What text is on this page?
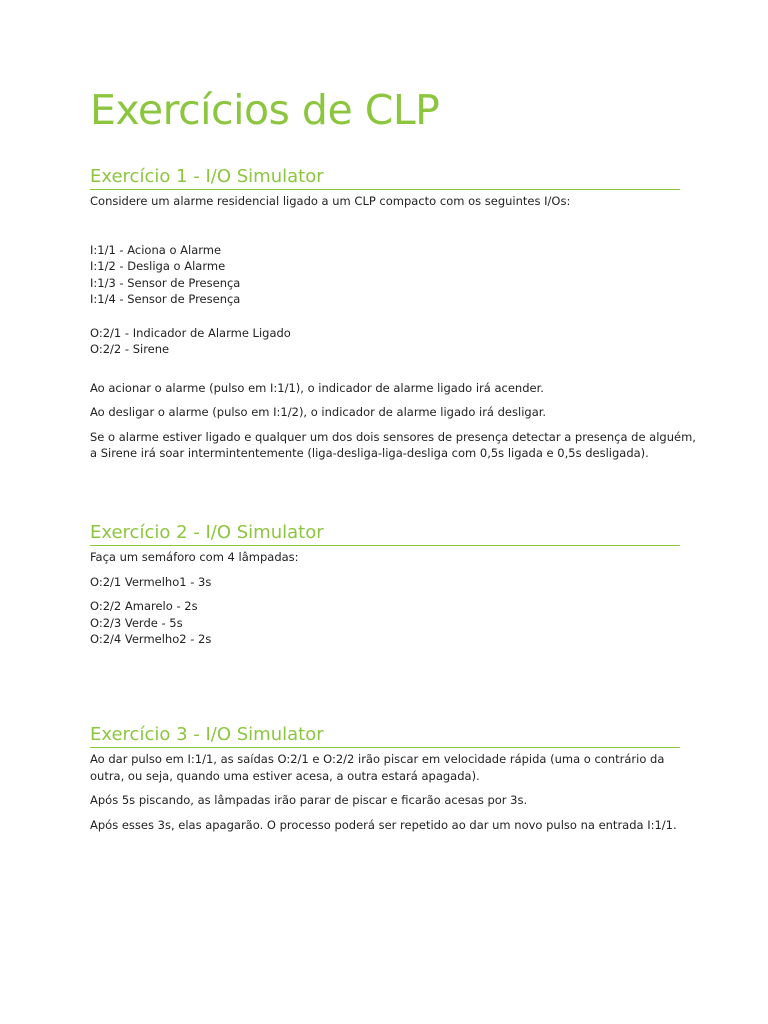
Exercícios de CLP
Exercício 1 - I/O Simulator

Considere um alarme residencial ligado a um CLP compacto com os seguintes I/Os:

I:1/1 - Aciona o Alarme

I:1/2 - Desliga o Alarme

I:1/3 - Sensor de Presença

I:1/4 - Sensor de Presença

O:2/1 - Indicador de Alarme Ligado

O:2/2 - Sirene

Ao acionar o alarme (pulso em I:1/1), o indicador de alarme ligado irá acender.

Ao desligar o alarme (pulso em I:1/2), o indicador de alarme ligado irá desligar.

Se o alarme estiver ligado e qualquer um dos dois sensores de presença detectar a presença de alguém,

a Sirene irá soar intermintentemente (liga-desliga-liga-desliga com 0,5s ligada e 0,5s desligada).

Exercício 2 - I/O Simulator

Faça um semáforo com 4 lâmpadas:

O:2/1 Vermelho1 - 3s

O:2/2 Amarelo - 2s

O:2/3 Verde - 5s

O:2/4 Vermelho2 - 2s

Exercício 3 - I/O Simulator

Ao dar pulso em I:1/1, as saídas O:2/1 e O:2/2 irão piscar em velocidade rápida (uma o contrário da

outra, ou seja, quando uma estiver acesa, a outra estará apagada).

Após 5s piscando, as lâmpadas irão parar de piscar e ficarão acesas por 3s.

Após esses 3s, elas apagarão. O processo poderá ser repetido ao dar um novo pulso na entrada I:1/1.
